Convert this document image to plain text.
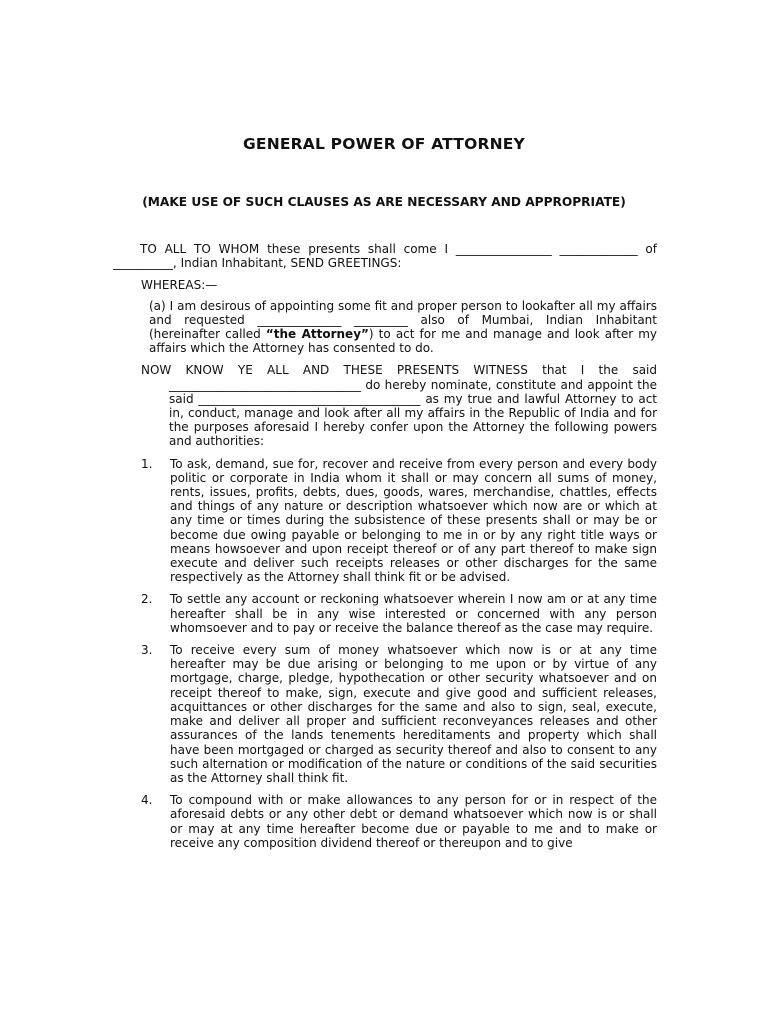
GENERAL POWER OF ATTORNEY
(MAKE USE OF SUCH CLAUSES AS ARE NECESSARY AND APPROPRIATE)

TO ALL TO WHOM these presents shall come I ________________ _____________ of __________, Indian Inhabitant, SEND GREETINGS:

WHEREAS:—

(a) I am desirous of appointing some fit and proper person to lookafter all my affairs and requested ______________ _________ also of Mumbai, Indian Inhabitant (hereinafter called “the Attorney”) to act for me and manage and look after my affairs which the Attorney has consented to do.

NOW KNOW YE ALL AND THESE PRESENTS WITNESS that I the said ________________________________ do hereby nominate, constitute and appoint the said _____________________________________ as my true and lawful Attorney to act in, conduct, manage and look after all my affairs in the Republic of India and for the purposes aforesaid I hereby confer upon the Attorney the following powers and authorities:

1.	To ask, demand, sue for, recover and receive from every person and every body politic or corporate in India whom it shall or may concern all sums of money, rents, issues, profits, debts, dues, goods, wares, merchandise, chattles, effects and things of any nature or description whatsoever which now are or which at any time or times during the subsistence of these presents shall or may be or become due owing payable or belonging to me in or by any right title ways or means howsoever and upon receipt thereof or of any part thereof to make sign execute and deliver such receipts releases or other discharges for the same respectively as the Attorney shall think fit or be advised.
2.	To settle any account or reckoning whatsoever wherein I now am or at any time hereafter shall be in any wise interested or concerned with any person whomsoever and to pay or receive the balance thereof as the case may require.
3.	To receive every sum of money whatsoever which now is or at any time hereafter may be due arising or belonging to me upon or by virtue of any mortgage, charge, pledge, hypothecation or other security whatsoever and on receipt thereof to make, sign, execute and give good and sufficient releases, acquittances or other discharges for the same and also to sign, seal, execute, make and deliver all proper and sufficient reconveyances releases and other assurances of the lands tenements hereditaments and property which shall have been mortgaged or charged as security thereof and also to consent to any such alternation or modification of the nature or conditions of the said securities as the Attorney shall think fit.
4.	To compound with or make allowances to any person for or in respect of the aforesaid debts or any other debt or demand whatsoever which now is or shall or may at any time hereafter become due or payable to me and to make or receive any composition dividend thereof or thereupon and to give
